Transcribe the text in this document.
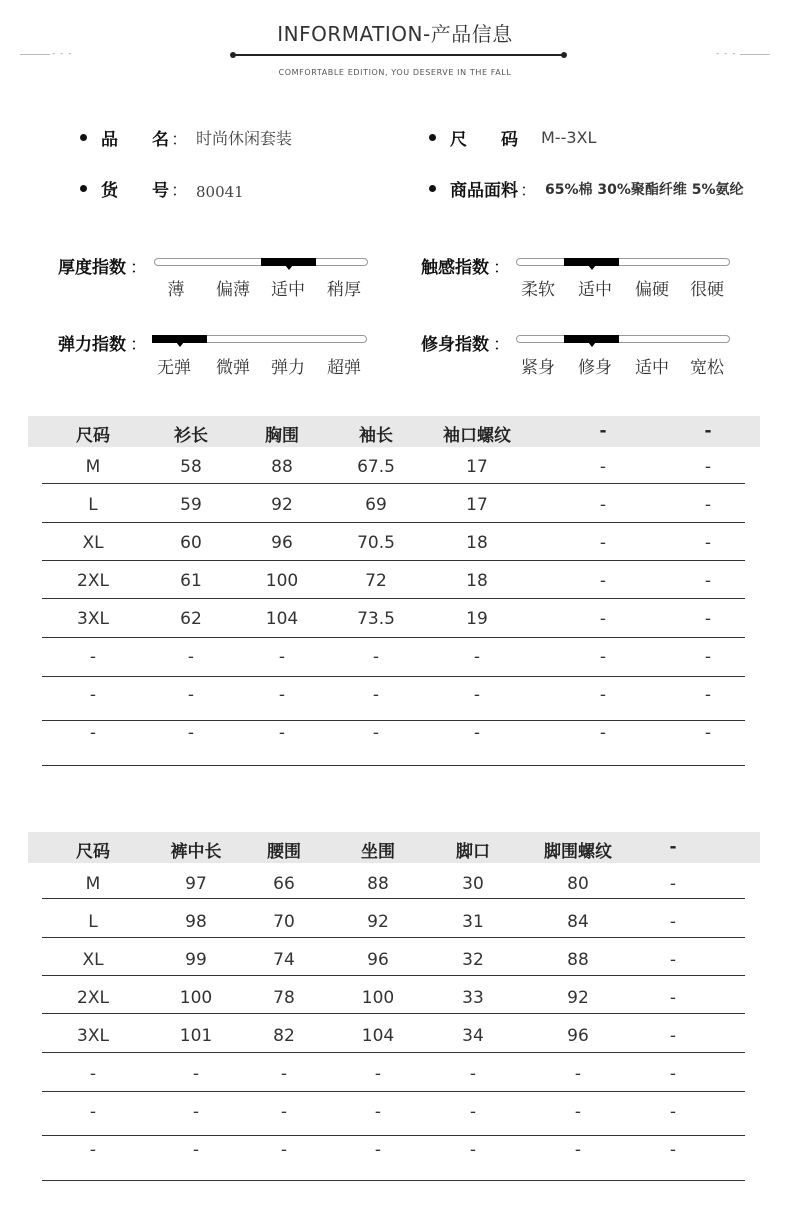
INFORMATION-产品信息
- - -	- - -
COMFORTABLE EDITION, YOU DESERVE IN THE FALL
品　　名 ： 时尚休闲套装	尺　　码 M--3XL
货　　号 ： 80041	商品面料 ： 65%棉 30%聚酯纤维 5%氨纶
厚度指数 ：
薄 偏薄 适中 稍厚
触感指数 ：
柔软 适中 偏硬 很硬
弹力指数 ：
无弹 微弹 弹力 超弹
修身指数 ：
紧身 修身 适中 宽松
尺码	衫长	胸围	袖长	袖口螺纹	-	-
M	58	88	67.5	17	-	-
L	59	92	69	17	-	-
XL	60	96	70.5	18	-	-
2XL	61	100	72	18	-	-
3XL	62	104	73.5	19	-	-
-	-	-	-	-	-	-
-	-	-	-	-	-	-
-	-	-	-	-	-	-
尺码	裤中长	腰围	坐围	脚口	脚围螺纹	-
M	97	66	88	30	80	-
L	98	70	92	31	84	-
XL	99	74	96	32	88	-
2XL	100	78	100	33	92	-
3XL	101	82	104	34	96	-
-	-	-	-	-	-	-
-	-	-	-	-	-	-
-	-	-	-	-	-	-
